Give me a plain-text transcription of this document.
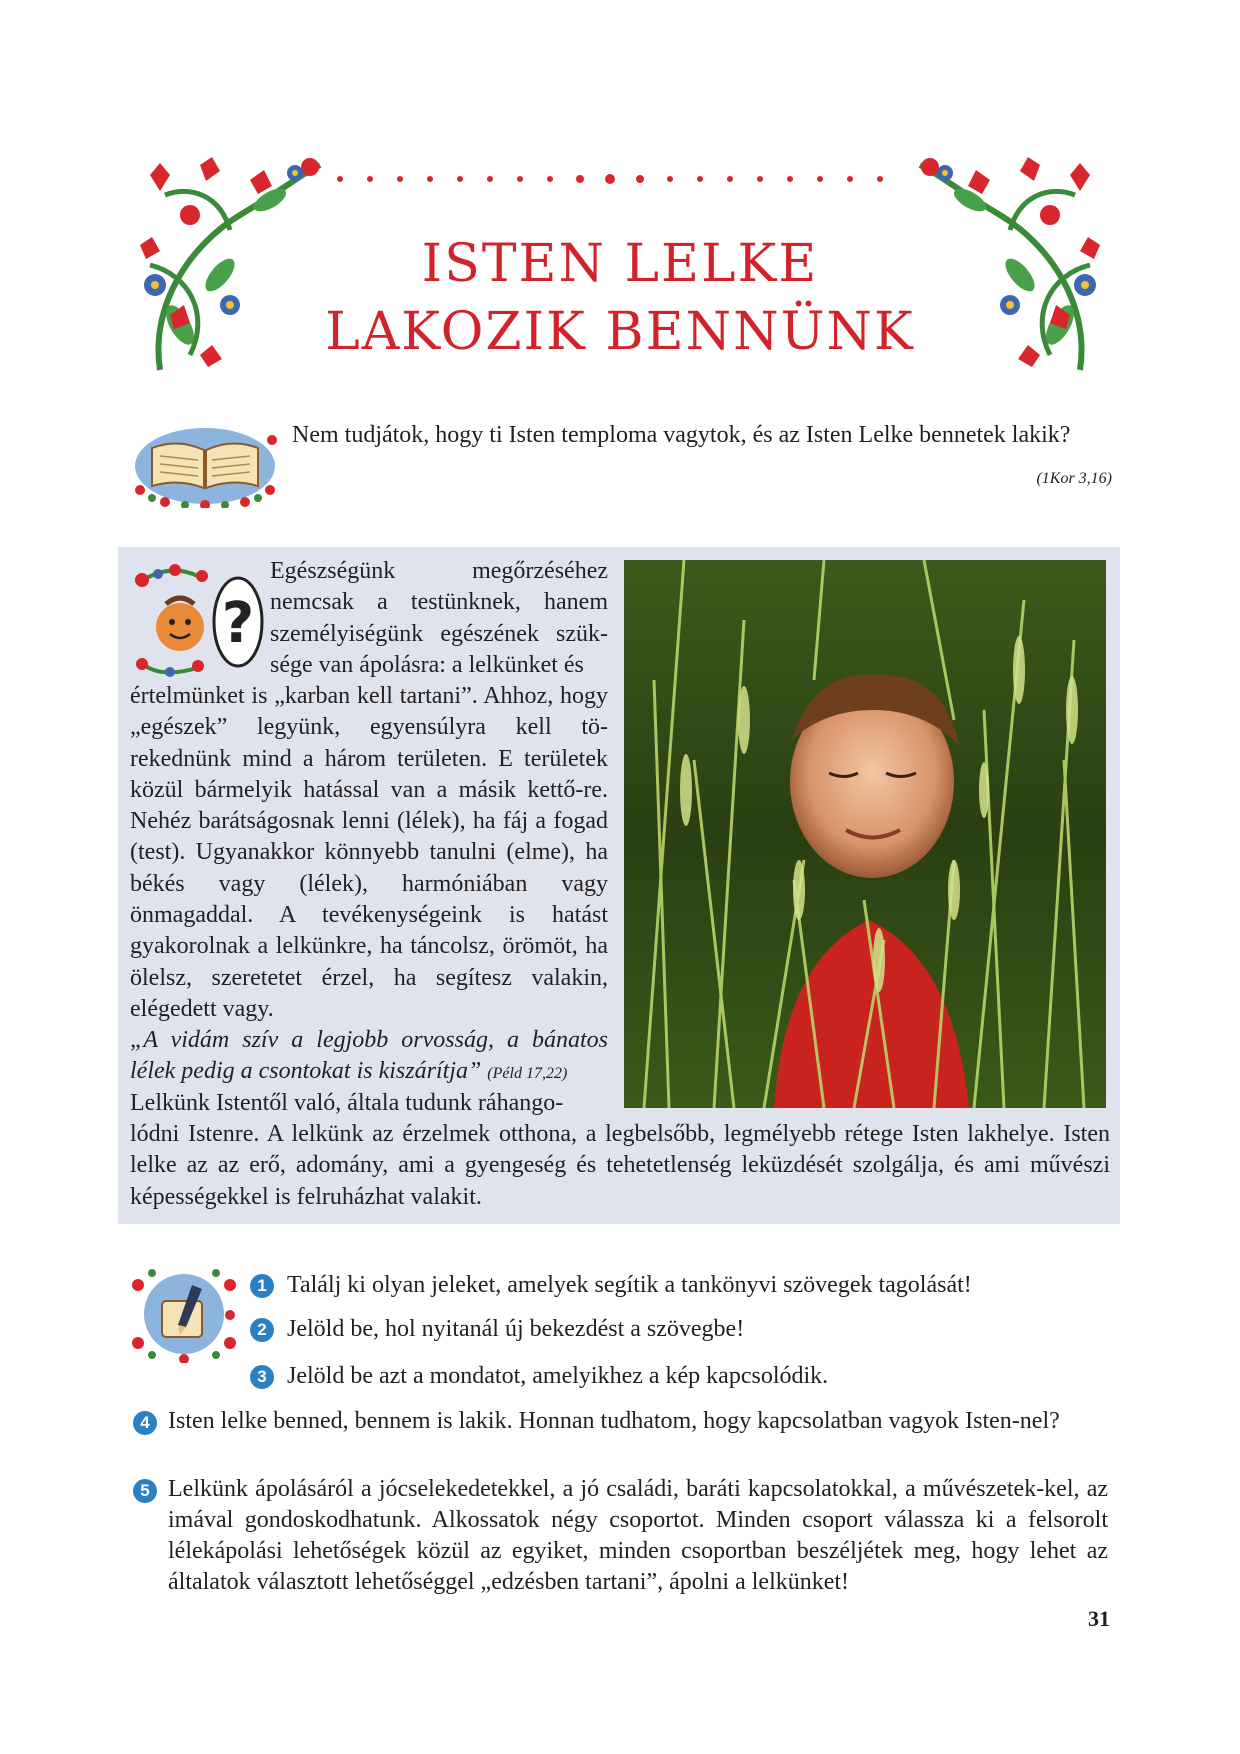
ISTEN LELKE
LAKOZIK BENNÜNK

Nem tudjátok, hogy ti Isten temploma vagytok, és az Isten Lelke bennetek lakik?

(1Kor 3,16)
?

Egészségünk megőrzéséhez nemcsak a testünknek, hanem személyiségünk egészének szük-sége van ápolásra: a lelkünket és

értelmünket is „karban kell tartani”. Ahhoz, hogy „egészek” legyünk, egyensúlyra kell tö-rekednünk mind a három területen. E területek közül bármelyik hatással van a másik kettő-re. Nehéz barátságosnak lenni (lélek), ha fáj a fogad (test). Ugyanakkor könnyebb tanulni (elme), ha békés vagy (lélek), harmóniában vagy önmagaddal. A tevékenységeink is hatást gyakorolnak a lelkünkre, ha táncolsz, örömöt, ha ölelsz, szeretetet érzel, ha segítesz valakin, elégedett vagy.

„A vidám szív a legjobb orvosság, a bánatos lélek pedig a csontokat is kiszárítja” (Péld 17,22)

Lelkünk Istentől való, általa tudunk ráhango-

lódni Istenre. A lelkünk az érzelmek otthona, a legbelsőbb, legmélyebb rétege Isten lakhelye. Isten lelke az az erő, adomány, ami a gyengeség és tehetetlenség leküzdését szolgálja, és ami művészi képességekkel is felruházhat valakit.

1 Találj ki olyan jeleket, amelyek segítik a tankönyvi szövegek tagolását!

2 Jelöld be, hol nyitanál új bekezdést a szövegbe!

3 Jelöld be azt a mondatot, amelyikhez a kép kapcsolódik.

4 Isten lelke benned, bennem is lakik. Honnan tudhatom, hogy kapcsolatban vagyok Isten-nel?

5 Lelkünk ápolásáról a jócselekedetekkel, a jó családi, baráti kapcsolatokkal, a művészetek-kel, az imával gondoskodhatunk. Alkossatok négy csoportot. Minden csoport válassza ki a felsorolt lélekápolási lehetőségek közül az egyiket, minden csoportban beszéljétek meg, hogy lehet az általatok választott lehetőséggel „edzésben tartani”, ápolni a lelkünket!

31
